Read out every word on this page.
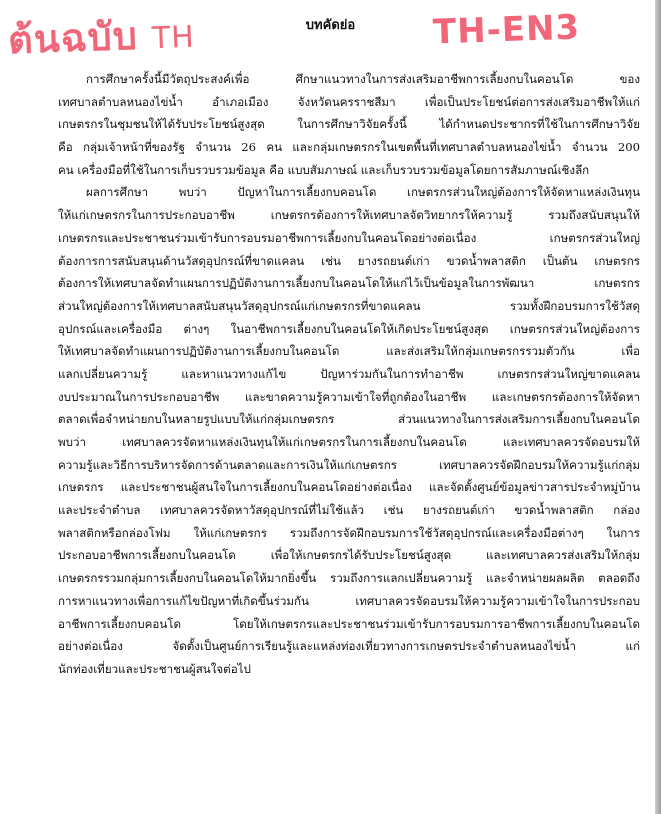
ต้นฉบับ TH	TH-EN3
บทคัดย่อ
การศึกษาครั้งนี้มีวัตถุประสงค์เพื่อ ศึกษาแนวทางในการส่งเสริมอาชีพการเลี้ยงกบในคอนโด ของ
เทศบาลตำบลหนองไข่น้ำ อำเภอเมือง จังหวัดนครราชสีมา เพื่อเป็นประโยชน์ต่อการส่งเสริมอาชีพให้แก่
เกษตรกรในชุมชนให้ได้รับประโยชน์สูงสุด ในการศึกษาวิจัยครั้งนี้ ได้กำหนดประชากรที่ใช้ในการศึกษาวิจัย
คือ กลุ่มเจ้าหน้าที่ของรัฐ จำนวน 26 คน และกลุ่มเกษตรกรในเขตพื้นที่เทศบาลตำบลหนองไข่น้ำ จำนวน 200
คน เครื่องมือที่ใช้ในการเก็บรวบรวมข้อมูล คือ แบบสัมภาษณ์ และเก็บรวบรวมข้อมูลโดยการสัมภาษณ์เชิงลึก
ผลการศึกษา พบว่า ปัญหาในการเลี้ยงกบคอนโด เกษตรกรส่วนใหญ่ต้องการให้จัดหาแหล่งเงินทุน
ให้แก่เกษตรกรในการประกอบอาชีพ เกษตรกรต้องการให้เทศบาลจัดวิทยากรให้ความรู้ รวมถึงสนับสนุนให้
เกษตรกรและประชาชนร่วมเข้ารับการอบรมอาชีพการเลี้ยงกบในคอนโดอย่างต่อเนื่อง เกษตรกรส่วนใหญ่
ต้องการการสนับสนุนด้านวัสดุอุปกรณ์ที่ขาดแคลน เช่น ยางรถยนต์เก่า ขวดน้ำพลาสติก เป็นต้น เกษตรกร
ต้องการให้เทศบาลจัดทำแผนการปฏิบัติงานการเลี้ยงกบในคอนโดให้แก่ไว้เป็นข้อมูลในการพัฒนา เกษตรกร
ส่วนใหญ่ต้องการให้เทศบาลสนับสนุนวัสดุอุปกรณ์แก่เกษตรกรที่ขาดแคลน รวมทั้งฝึกอบรมการใช้วัสดุ
อุปกรณ์และเครื่องมือ ต่างๆ ในอาชีพการเลี้ยงกบในคอนโดให้เกิดประโยชน์สูงสุด เกษตรกรส่วนใหญ่ต้องการ
ให้เทศบาลจัดทำแผนการปฏิบัติงานการเลี้ยงกบในคอนโด และส่งเสริมให้กลุ่มเกษตรกรรวมตัวกัน เพื่อ
แลกเปลี่ยนความรู้ และหาแนวทางแก้ไข ปัญหาร่วมกันในการทำอาชีพ เกษตรกรส่วนใหญ่ขาดแคลน
งบประมาณในการประกอบอาชีพ และขาดความรู้ความเข้าใจที่ถูกต้องในอาชีพ และเกษตรกรต้องการให้จัดหา
ตลาดเพื่อจำหน่ายกบในหลายรูปแบบให้แก่กลุ่มเกษตรกร ส่วนแนวทางในการส่งเสริมการเลี้ยงกบในคอนโด
พบว่า เทศบาลควรจัดหาแหล่งเงินทุนให้แก่เกษตรกรในการเลี้ยงกบในคอนโด และเทศบาลควรจัดอบรมให้
ความรู้และวิธีการบริหารจัดการด้านตลาดและการเงินให้แก่เกษตรกร เทศบาลควรจัดฝึกอบรมให้ความรู้แก่กลุ่ม
เกษตรกร และประชาชนผู้สนใจในการเลี้ยงกบในคอนโดอย่างต่อเนื่อง และจัดตั้งศูนย์ข้อมูลข่าวสารประจำหมู่บ้าน
และประจำตำบล เทศบาลควรจัดหาวัสดุอุปกรณ์ที่ไม่ใช้แล้ว เช่น ยางรถยนต์เก่า ขวดน้ำพลาสติก กล่อง
พลาสติกหรือกล่องโฟม ให้แก่เกษตรกร รวมถึงการจัดฝึกอบรมการใช้วัสดุอุปกรณ์และเครื่องมือต่างๆ ในการ
ประกอบอาชีพการเลี้ยงกบในคอนโด เพื่อให้เกษตรกรได้รับประโยชน์สูงสุด และเทศบาลควรส่งเสริมให้กลุ่ม
เกษตรกรรวมกลุ่มการเลี้ยงกบในคอนโดให้มากยิ่งขึ้น รวมถึงการแลกเปลี่ยนความรู้ และจำหน่ายผลผลิต ตลอดถึง
การหาแนวทางเพื่อการแก้ไขปัญหาที่เกิดขึ้นร่วมกัน เทศบาลควรจัดอบรมให้ความรู้ความเข้าใจในการประกอบ
อาชีพการเลี้ยงกบคอนโด โดยให้เกษตรกรและประชาชนร่วมเข้ารับการอบรมการอาชีพการเลี้ยงกบในคอนโด
อย่างต่อเนื่อง จัดตั้งเป็นศูนย์การเรียนรู้และแหล่งท่องเที่ยวทางการเกษตรประจำตำบลหนองไข่น้ำ แก่
นักท่องเที่ยวและประชาชนผู้สนใจต่อไป
